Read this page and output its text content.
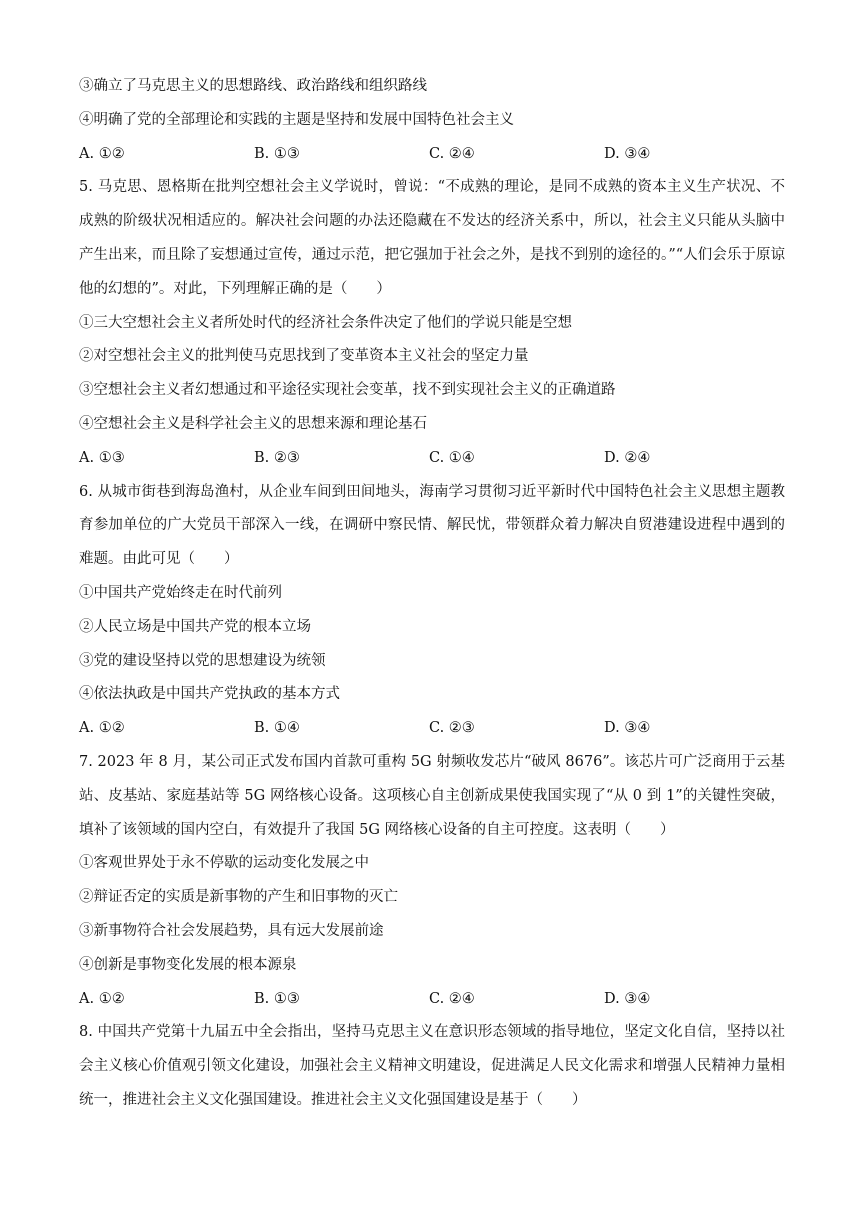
③确立了马克思主义的思想路线、政治路线和组织路线
④明确了党的全部理论和实践的主题是坚持和发展中国特色社会主义
A. ①②	B. ①③	C. ②④	D. ③④
5. 马克思、恩格斯在批判空想社会主义学说时，曾说：“不成熟的理论，是同不成熟的资本主义生产状况、不成熟的阶级状况相适应的。解决社会问题的办法还隐藏在不发达的经济关系中，所以，社会主义只能从头脑中产生出来，而且除了妄想通过宣传，通过示范，把它强加于社会之外，是找不到别的途径的。”“人们会乐于原谅他的幻想的”。对此，下列理解正确的是（　　）
①三大空想社会主义者所处时代的经济社会条件决定了他们的学说只能是空想
②对空想社会主义的批判使马克思找到了变革资本主义社会的坚定力量
③空想社会主义者幻想通过和平途径实现社会变革，找不到实现社会主义的正确道路
④空想社会主义是科学社会主义的思想来源和理论基石
A. ①③	B. ②③	C. ①④	D. ②④
6. 从城市街巷到海岛渔村，从企业车间到田间地头，海南学习贯彻习近平新时代中国特色社会主义思想主题教育参加单位的广大党员干部深入一线，在调研中察民情、解民忧，带领群众着力解决自贸港建设进程中遇到的难题。由此可见（　　）
①中国共产党始终走在时代前列
②人民立场是中国共产党的根本立场
③党的建设坚持以党的思想建设为统领
④依法执政是中国共产党执政的基本方式
A. ①②	B. ①④	C. ②③	D. ③④
7. 2023 年 8 月，某公司正式发布国内首款可重构 5G 射频收发芯片“破风 8676”。该芯片可广泛商用于云基站、皮基站、家庭基站等 5G 网络核心设备。这项核心自主创新成果使我国实现了“从 0 到 1”的关键性突破，填补了该领域的国内空白，有效提升了我国 5G 网络核心设备的自主可控度。这表明（　　）
①客观世界处于永不停歇的运动变化发展之中
②辩证否定的实质是新事物的产生和旧事物的灭亡
③新事物符合社会发展趋势，具有远大发展前途
④创新是事物变化发展的根本源泉
A. ①②	B. ①③	C. ②④	D. ③④
8. 中国共产党第十九届五中全会指出，坚持马克思主义在意识形态领域的指导地位，坚定文化自信，坚持以社会主义核心价值观引领文化建设，加强社会主义精神文明建设，促进满足人民文化需求和增强人民精神力量相统一，推进社会主义文化强国建设。推进社会主义文化强国建设是基于（　　）
